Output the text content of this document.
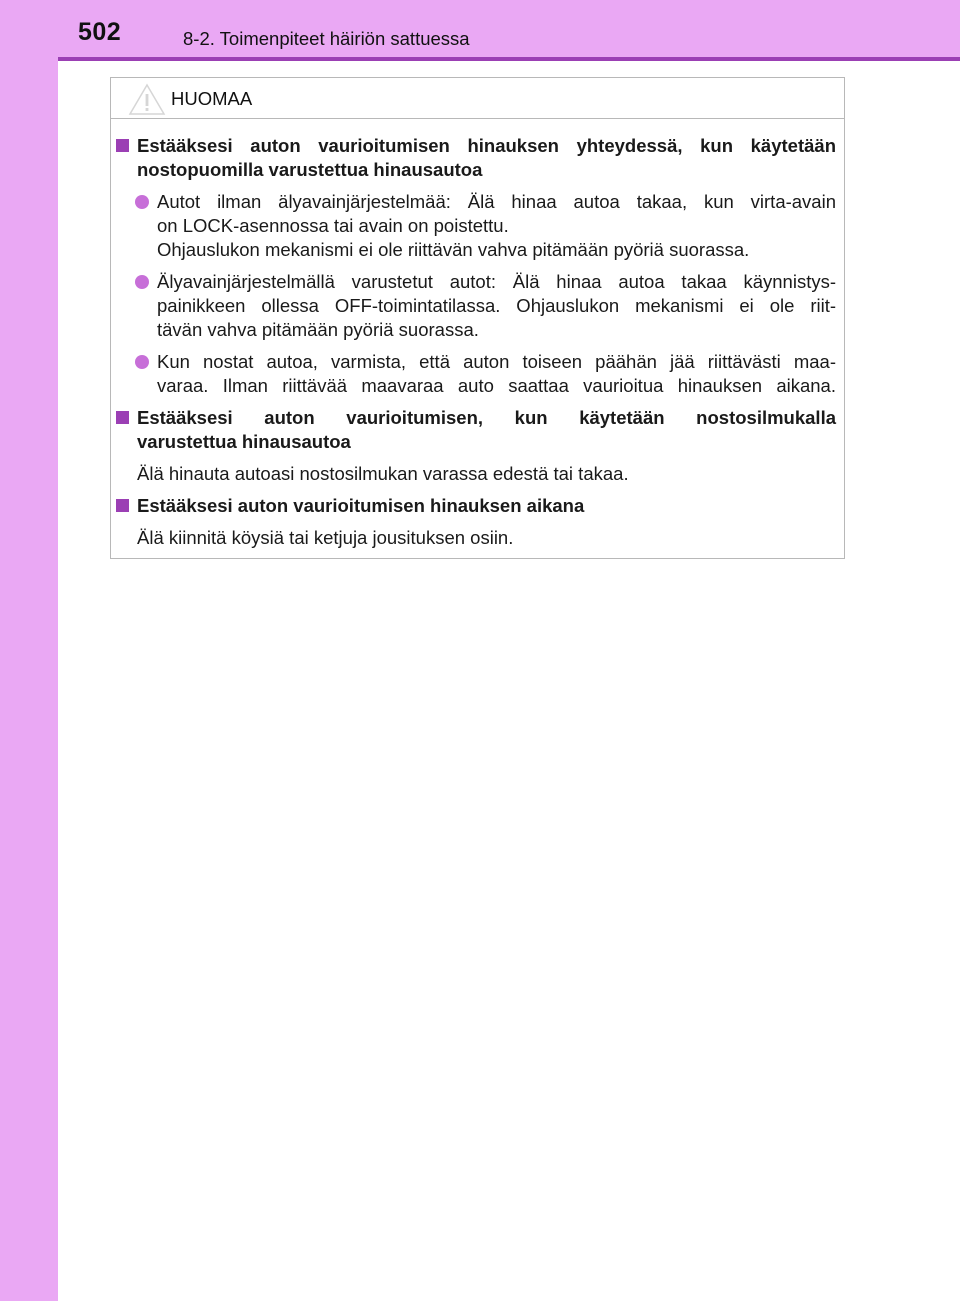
502	8-2. Toimenpiteet häiriön sattuessa
HUOMAA
Estääksesi auton vaurioitumisen hinauksen yhteydessä, kun käytetään
nostopuomilla varustettua hinausautoa
Autot ilman älyavainjärjestelmää: Älä hinaa autoa takaa, kun virta-avain
on LOCK-asennossa tai avain on poistettu.
Ohjauslukon mekanismi ei ole riittävän vahva pitämään pyöriä suorassa.
Älyavainjärjestelmällä varustetut autot: Älä hinaa autoa takaa käynnistys-
painikkeen ollessa OFF-toimintatilassa. Ohjauslukon mekanismi ei ole riit-
tävän vahva pitämään pyöriä suorassa.
Kun nostat autoa, varmista, että auton toiseen päähän jää riittävästi maa-
varaa. Ilman riittävää maavaraa auto saattaa vaurioitua hinauksen aikana.
Estääksesi auton vaurioitumisen, kun käytetään nostosilmukalla
varustettua hinausautoa
Älä hinauta autoasi nostosilmukan varassa edestä tai takaa.
Estääksesi auton vaurioitumisen hinauksen aikana
Älä kiinnitä köysiä tai ketjuja jousituksen osiin.
